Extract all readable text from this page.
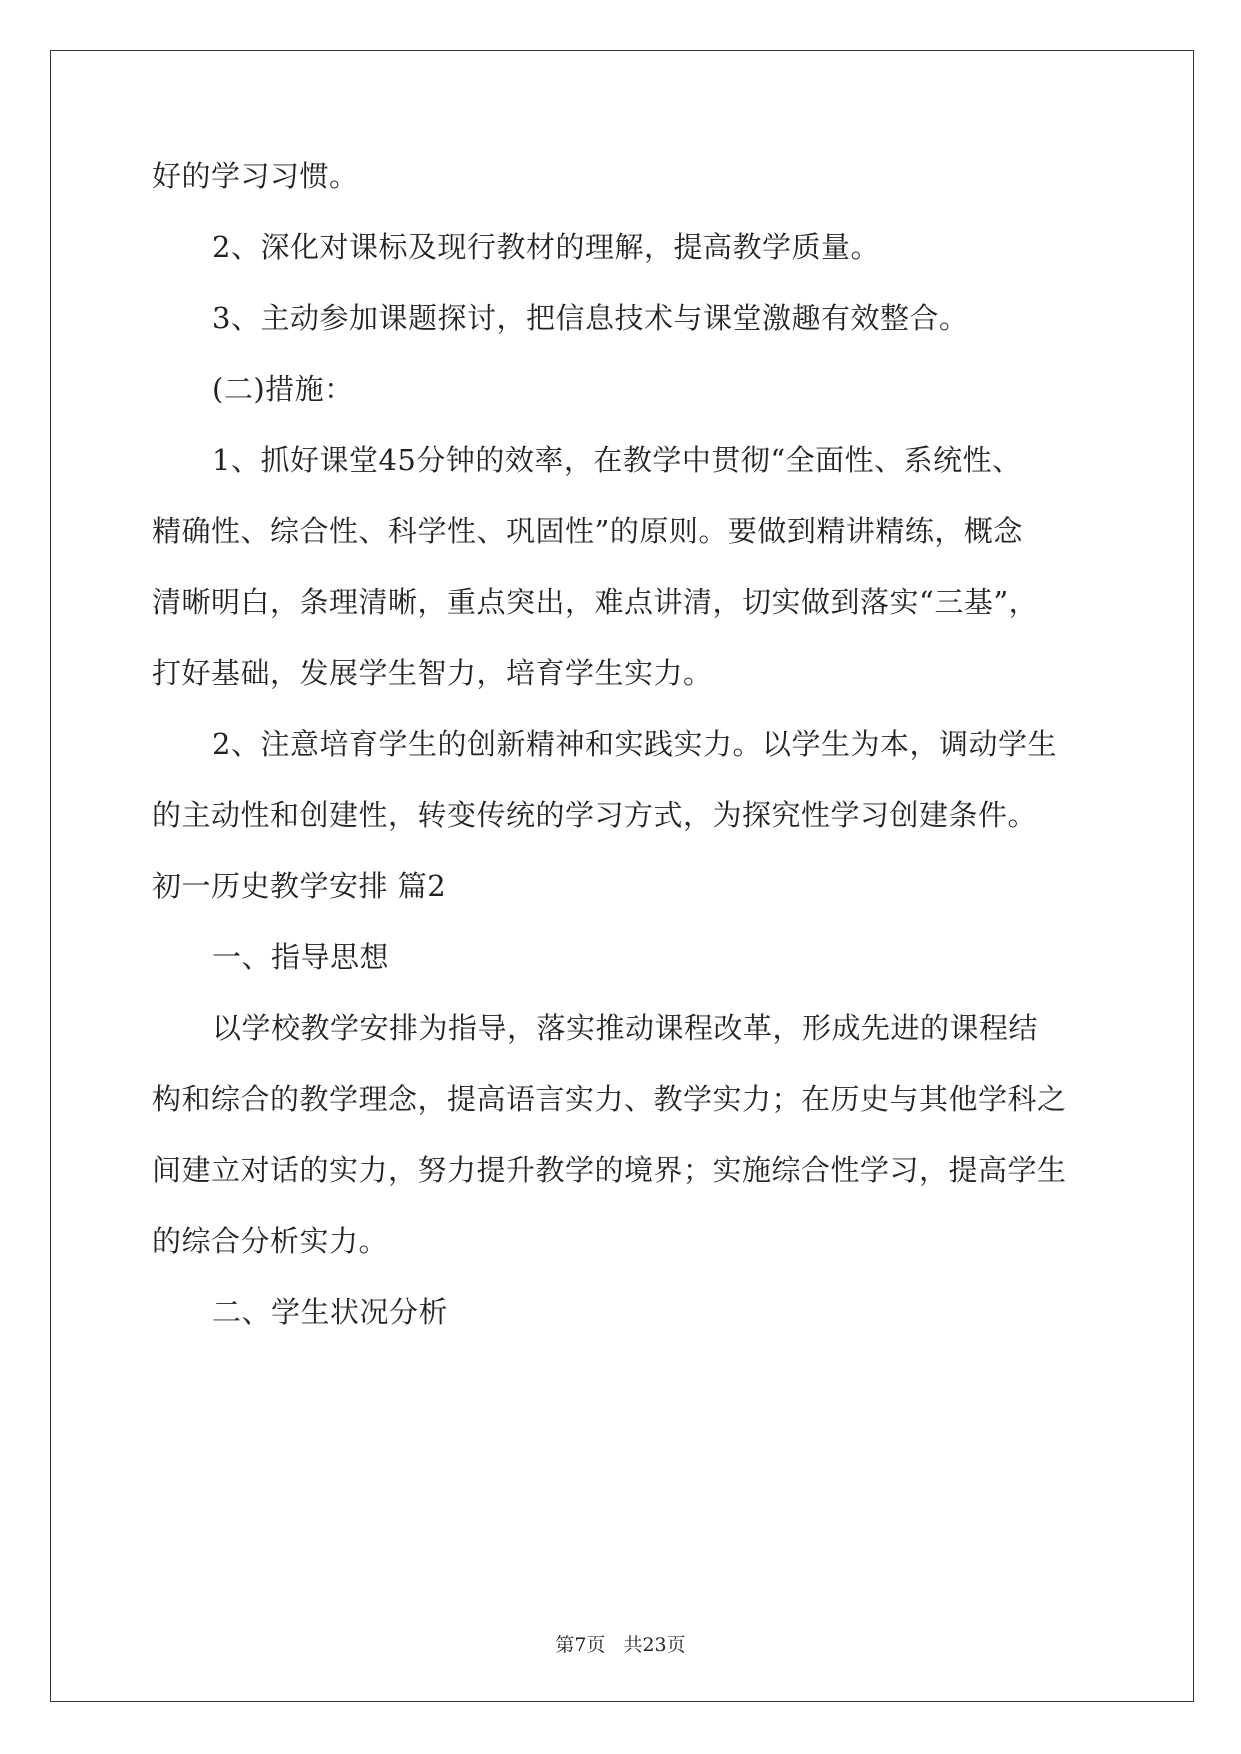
好的学习习惯。
2、深化对课标及现行教材的理解，提高教学质量。
3、主动参加课题探讨，把信息技术与课堂激趣有效整合。
(二)措施：
1、抓好课堂45分钟的效率，在教学中贯彻“全面性、系统性、
精确性、综合性、科学性、巩固性”的原则。要做到精讲精练，概念
清晰明白，条理清晰，重点突出，难点讲清，切实做到落实“三基”，
打好基础，发展学生智力，培育学生实力。
2、注意培育学生的创新精神和实践实力。以学生为本，调动学生
的主动性和创建性，转变传统的学习方式，为探究性学习创建条件。
初一历史教学安排 篇2
一、指导思想
以学校教学安排为指导，落实推动课程改革，形成先进的课程结
构和综合的教学理念，提高语言实力、教学实力；在历史与其他学科之
间建立对话的实力，努力提升教学的境界；实施综合性学习，提高学生
的综合分析实力。
二、学生状况分析
第7页 共23页
